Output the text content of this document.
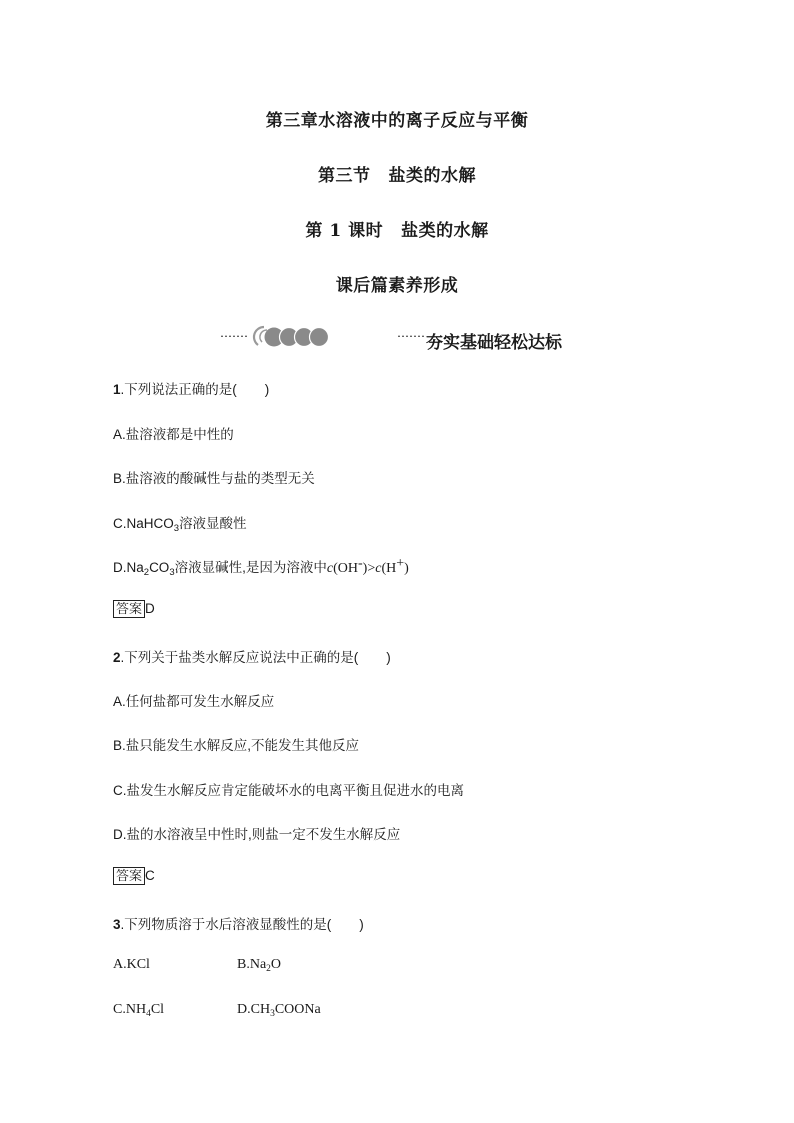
第三章水溶液中的离子反应与平衡
第三节 盐类的水解
第 1 课时 盐类的水解
课后篇素养形成
夯实基础轻松达标
1.下列说法正确的是( )
A.盐溶液都是中性的
B.盐溶液的酸碱性与盐的类型无关
C.NaHCO$_3$溶液显酸性
$D.Na_2CO_3$溶液显碱性,是因为溶液中c(OH-)>c(H+)
答案 D
2.下列关于盐类水解反应说法中正确的是( )
A.任何盐都可发生水解反应
B.盐只能发生水解反应,不能发生其他反应
C.盐发生水解反应肯定能破坏水的电离平衡且促进水的电离
D.盐的水溶液呈中性时,则盐一定不发生水解反应
答案 C
3.下列物质溶于水后溶液显酸性的是( )
A.KCl	$B.Na_2O$
$C.NH_4Cl$	$D.CH_3COONa$
